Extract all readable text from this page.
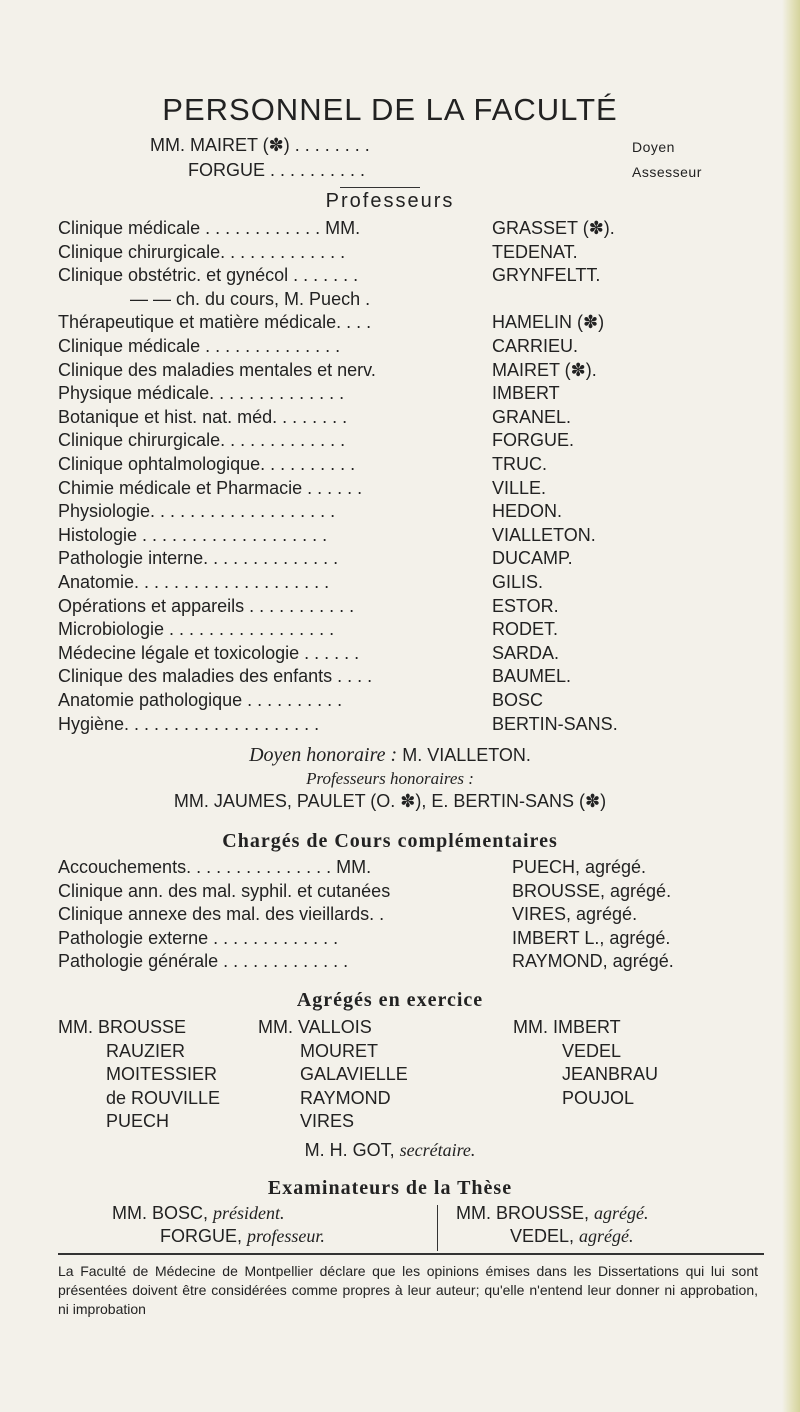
PERSONNEL DE LA FACULTÉ
MM. MAIRET (✽) . . . . . . . .	Doyen
FORGUE . . . . . . . . . .	Assesseur
Professeurs
Clinique médicale . . . . . . . . . . . . MM.	GRASSET (✽).
Clinique chirurgicale. . . . . . . . . . . . .	TEDENAT.
Clinique obstétric. et gynécol . . . . . . .	GRYNFELTT.
— — ch. du cours, M. Puech .
Thérapeutique et matière médicale. . . .	HAMELIN (✽)
Clinique médicale . . . . . . . . . . . . . .	CARRIEU.
Clinique des maladies mentales et nerv.	MAIRET (✽).
Physique médicale. . . . . . . . . . . . . .	IMBERT
Botanique et hist. nat. méd. . . . . . . .	GRANEL.
Clinique chirurgicale. . . . . . . . . . . . .	FORGUE.
Clinique ophtalmologique. . . . . . . . . .	TRUC.
Chimie médicale et Pharmacie . . . . . .	VILLE.
Physiologie. . . . . . . . . . . . . . . . . . .	HEDON.
Histologie . . . . . . . . . . . . . . . . . . .	VIALLETON.
Pathologie interne. . . . . . . . . . . . . .	DUCAMP.
Anatomie. . . . . . . . . . . . . . . . . . . .	GILIS.
Opérations et appareils . . . . . . . . . . .	ESTOR.
Microbiologie . . . . . . . . . . . . . . . . .	RODET.
Médecine légale et toxicologie . . . . . .	SARDA.
Clinique des maladies des enfants . . . .	BAUMEL.
Anatomie pathologique . . . . . . . . . .	BOSC
Hygiène. . . . . . . . . . . . . . . . . . . .	BERTIN-SANS.
Doyen honoraire : M. VIALLETON.
Professeurs honoraires :
MM. JAUMES, PAULET (O. ✽), E. BERTIN-SANS (✽)
Chargés de Cours complémentaires
Accouchements. . . . . . . . . . . . . . . MM.	PUECH, agrégé.
Clinique ann. des mal. syphil. et cutanées	BROUSSE, agrégé.
Clinique annexe des mal. des vieillards. .	VIRES, agrégé.
Pathologie externe . . . . . . . . . . . . .	IMBERT L., agrégé.
Pathologie générale . . . . . . . . . . . . .	RAYMOND, agrégé.
Agrégés en exercice
MM. BROUSSE
RAUZIER
MOITESSIER
de ROUVILLE
PUECH
MM. VALLOIS
MOURET
GALAVIELLE
RAYMOND
VIRES
MM. IMBERT
VEDEL
JEANBRAU
POUJOL
M. H. GOT, secrétaire.
Examinateurs de la Thèse
MM. BOSC, président.
FORGUE, professeur.
MM. BROUSSE, agrégé.
VEDEL, agrégé.
La Faculté de Médecine de Montpellier déclare que les opinions émises dans les Dissertations qui lui sont présentées doivent être considérées comme propres à leur auteur; qu'elle n'entend leur donner ni approbation, ni improbation
